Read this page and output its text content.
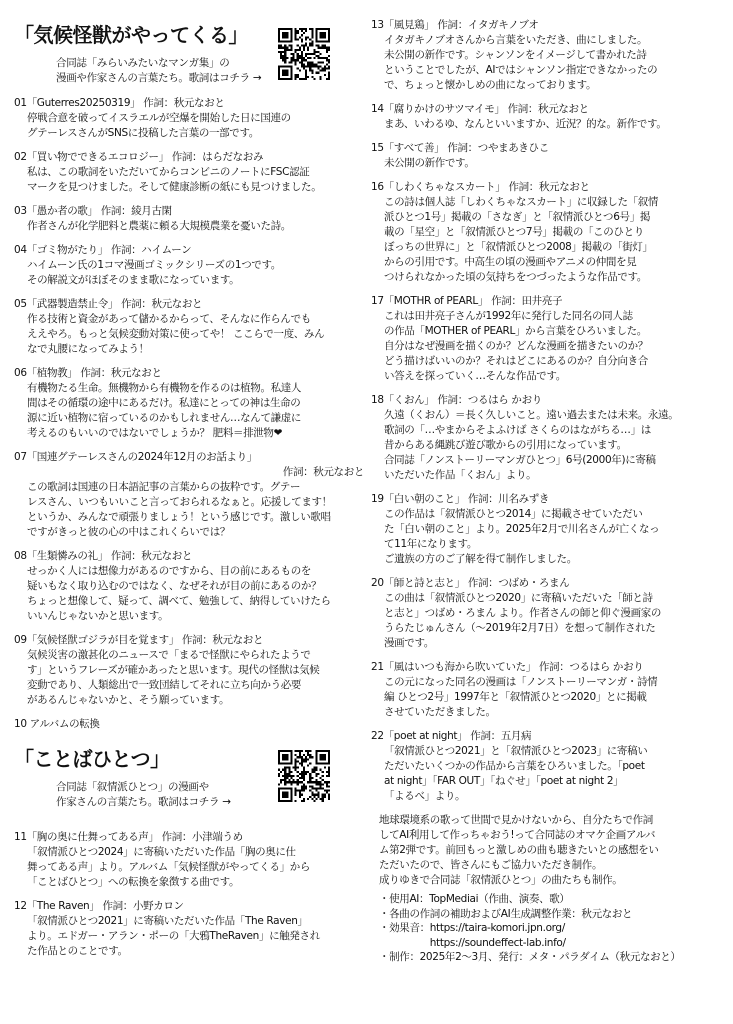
「気候怪獣がやってくる」
合同誌「みらいみたいなマンガ集」の
漫画や作家さんの言葉たち。歌詞はコチラ →
01「Guterres20250319」 作詞：秋元なおと
停戦合意を破ってイスラエルが空爆を開始した日に国連の
グテーレスさんがSNSに投稿した言葉の一部です。
02「買い物でできるエコロジー」 作詞：はらだなおみ
私は、この歌詞をいただいてからコンビニのノートにFSC認証
マークを見つけました。そして健康診断の紙にも見つけました。
03「愚か者の歌」 作詞：綾月古閑
作者さんが化学肥料と農薬に頼る大規模農業を憂いた詩。
04「ゴミ物がたり」 作詞：ハイムーン
ハイムーン氏の1コマ漫画ゴミックシリーズの1つです。
その解説文がほぼそのまま歌になっています。
05「武器製造禁止令」 作詞：秋元なおと
作る技術と資金があって儲かるからって、そんなに作らんでも
ええやろ。もっと気候変動対策に使ってや！ ここらで一度、みん
なで丸腰になってみよう！
06「植物教」 作詞：秋元なおと
有機物たる生命。無機物から有機物を作るのは植物。私達人
間はその循環の途中にあるだけ。私達にとっての神は生命の
源に近い植物に宿っているのかもしれません…なんて謙虚に
考えるのもいいのではないでしょうか？ 肥料＝排泄物❤
07「国連グテーレスさんの2024年12月のお話より」
作詞：秋元なおと
この歌詞は国連の日本語記事の言葉からの抜粋です。グテー
レスさん、いつもいいこと言っておられるなぁと。応援してます！
というか、みんなで頑張りましょう！という感じです。激しい歌唱
ですがきっと彼の心の中はこれくらいでは？
08「生類憐みの礼」 作詞：秋元なおと
せっかく人には想像力があるのですから、目の前にあるものを
疑いもなく取り込むのではなく、なぜそれが目の前にあるのか？
ちょっと想像して、疑って、調べて、勉強して、納得していけたら
いいんじゃないかと思います。
09「気候怪獣ゴジラが目を覚ます」 作詞：秋元なおと
気候災害の激甚化のニュースで「まるで怪獣にやられたようで
す」というフレーズが確かあったと思います。現代の怪獣は気候
変動であり、人類総出で一致団結してそれに立ち向かう必要
があるんじゃないかと、そう願っています。
10 アルバムの転換
「ことばひとつ」
合同誌「叙情派ひとつ」の漫画や
作家さんの言葉たち。歌詞はコチラ →
11「胸の奥に仕舞ってある声」 作詞：小津端うめ
「叙情派ひとつ2024」に寄稿いただいた作品「胸の奥に仕
舞ってある声」より。アルバム「気候怪獣がやってくる」から
「ことばひとつ」への転換を象徴する曲です。
12「The Raven」 作詞：小野カロン
「叙情派ひとつ2021」に寄稿いただいた作品「The Raven」
より。エドガー・アラン・ポーの「大鴉TheRaven」に触発され
た作品とのことです。
13「風見鶏」 作詞：イタガキノブオ
イタガキノブオさんから言葉をいただき、曲にしました。
未公開の新作です。シャンソンをイメージして書かれた詩
ということでしたが、AIではシャンソン指定できなかったの
で、ちょっと懐かしめの曲になっております。
14「腐りかけのサツマイモ」 作詞：秋元なおと
まあ、いわるゆ、なんといいますか、近況？的な。新作です。
15「すべて善」 作詞：つやまあきひこ
未公開の新作です。
16「しわくちゃなスカート」 作詞：秋元なおと
この詩は個人誌「しわくちゃなスカート」に収録した「叙情
派ひとつ1号」掲載の「さなぎ」と「叙情派ひとつ6号」掲
載の「星空」と「叙情派ひとつ7号」掲載の「このひとり
ぼっちの世界に」と「叙情派ひとつ2008」掲載の「街灯」
からの引用です。中高生の頃の漫画やアニメの仲間を見
つけられなかった頃の気持ちをつづったような作品です。
17「MOTHR of PEARL」 作詞：田井亮子
これは田井亮子さんが1992年に発行した同名の同人誌
の作品「MOTHER of PEARL」から言葉をひろいました。
自分はなぜ漫画を描くのか？どんな漫画を描きたいのか？
どう描けばいいのか？それはどこにあるのか？自分向き合
い答えを探っていく…そんな作品です。
18「くおん」 作詞：つるはら かおり
久遠（くおん）＝長く久しいこと。遠い過去または未来。永遠。
歌詞の「…やまからそよふけば さくらのはながちる…」は
昔からある縄跳び遊び歌からの引用になっています。
合同誌「ノンストーリーマンガひとつ」6号(2000年)に寄稿
いただいた作品「くおん」より。
19「白い朝のこと」 作詞：川名みずき
この作品は「叙情派ひとつ2014」に掲載させていただい
た「白い朝のこと」より。2025年2月で川名さんが亡くなっ
て11年になります。
ご遺族の方のご了解を得て制作しました。
20「師と詩と志と」 作詞：つばめ・ろまん
この曲は「叙情派ひとつ2020」に寄稿いただいた「師と詩
と志と」つばめ・ろまん より。作者さんの師と仰ぐ漫画家の
うらたじゅんさん（～2019年2月7日）を想って制作された
漫画です。
21「風はいつも海から吹いていた」 作詞：つるはら かおり
この元になった同名の漫画は「ノンストーリーマンガ・詩情
編 ひとつ2号」1997年と「叙情派ひとつ2020」とに掲載
させていただきました。
22「poet at night」 作詞：五月病
「叙情派ひとつ2021」と「叙情派ひとつ2023」に寄稿い
ただいたいくつかの作品から言葉をひろいました。「poet
at night」「FAR OUT」「ねぐせ」「poet at night 2」
「よるべ」より。
地球環境系の歌って世間で見かけないから、自分たちで作詞
してAI利用して作っちゃおう!って合同誌のオマケ企画アルバ
ム第2弾です。前回もっと激しめの曲も聴きたいとの感想をい
ただいたので、皆さんにもご協力いただき制作。
成りゆきで合同誌「叙情派ひとつ」の曲たちも制作。
・使用AI：TopMediai（作曲、演奏、歌）
・各曲の作詞の補助およびAI生成調整作業：秋元なおと
・効果音：https://taira-komori.jpn.org/
　　　　　https://soundeffect-lab.info/
・制作：2025年2～3月、発行：メタ・パラダイム（秋元なおと）
